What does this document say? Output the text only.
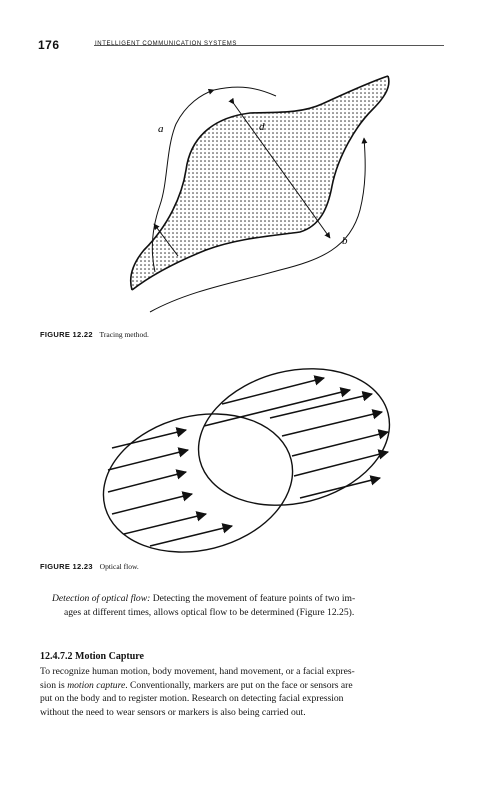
176	INTELLIGENT COMMUNICATION SYSTEMS
a
b
d
FIGURE 12.22 Tracing method.
FIGURE 12.23 Optical flow.
Detection of optical flow: Detecting the movement of feature points of two im-
ages at different times, allows optical flow to be determined (Figure 12.25).
12.4.7.2 Motion Capture
To recognize human motion, body movement, hand movement, or a facial expres-
sion is motion capture. Conventionally, markers are put on the face or sensors are
put on the body and to register motion. Research on detecting facial expression
without the need to wear sensors or markers is also being carried out.
